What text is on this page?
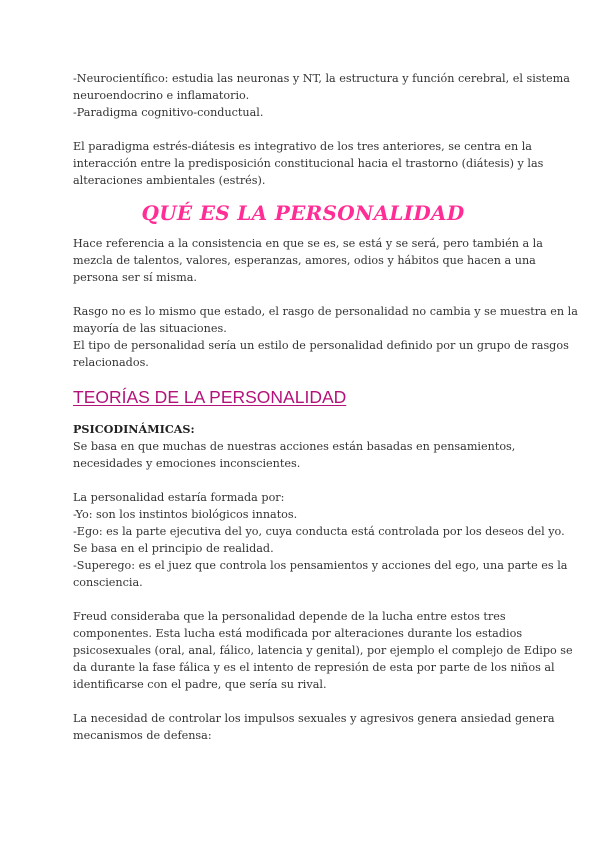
-Neurocientífico: estudia las neuronas y NT, la estructura y función cerebral, el sistema
neuroendocrino e inflamatorio.
-Paradigma cognitivo-conductual.

El paradigma estrés-diátesis es integrativo de los tres anteriores, se centra en la
interacción entre la predisposición constitucional hacia el trastorno (diátesis) y las
alteraciones ambientales (estrés).

QUÉ ES LA PERSONALIDAD

Hace referencia a la consistencia en que se es, se está y se será, pero también a la
mezcla de talentos, valores, esperanzas, amores, odios y hábitos que hacen a una
persona ser sí misma.

Rasgo no es lo mismo que estado, el rasgo de personalidad no cambia y se muestra en la
mayoría de las situaciones.
El tipo de personalidad sería un estilo de personalidad definido por un grupo de rasgos
relacionados.

TEORÍAS DE LA PERSONALIDAD

PSICODINÁMICAS:

Se basa en que muchas de nuestras acciones están basadas en pensamientos,
necesidades y emociones inconscientes.

La personalidad estaría formada por:
-Yo: son los instintos biológicos innatos.
-Ego: es la parte ejecutiva del yo, cuya conducta está controlada por los deseos del yo.
Se basa en el principio de realidad.
-Superego: es el juez que controla los pensamientos y acciones del ego, una parte es la
consciencia.

Freud consideraba que la personalidad depende de la lucha entre estos tres
componentes. Esta lucha está modificada por alteraciones durante los estadios
psicosexuales (oral, anal, fálico, latencia y genital), por ejemplo el complejo de Edipo se
da durante la fase fálica y es el intento de represión de esta por parte de los niños al
identificarse con el padre, que sería su rival.

La necesidad de controlar los impulsos sexuales y agresivos genera ansiedad genera
mecanismos de defensa:
